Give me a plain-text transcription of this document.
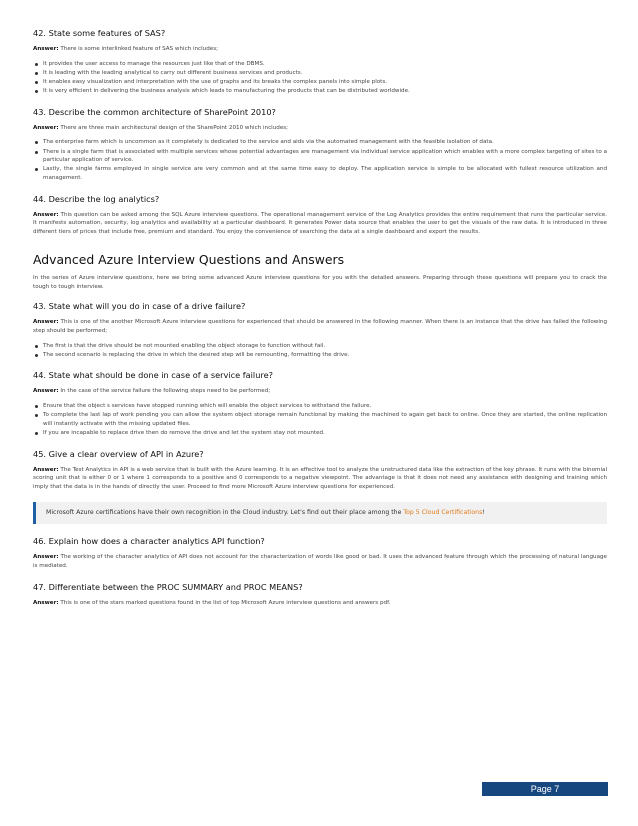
42. State some features of SAS?
Answer: There is some interlinked feature of SAS which includes;
It provides the user access to manage the resources just like that of the DBMS.
It is leading with the leading analytical to carry out different business services and products.
It enables easy visualization and interpretation with the use of graphs and its breaks the complex panels into simple plots.
It is very efficient in delivering the business analysis which leads to manufacturing the products that can be distributed worldwide.
43. Describe the common architecture of SharePoint 2010?
Answer: There are three main architectural design of the SharePoint 2010 which includes;
The enterprise farm which is uncommon as it completely is dedicated to the service and aids via the automated management with the feasible isolation of data.
There is a single farm that is associated with multiple services whose potential advantages are management via individual service application which enables with a more complex targeting of sites to a particular application of service.
Lastly, the single farms employed in single service are very common and at the same time easy to deploy. The application service is simple to be allocated with fullest resource utilization and management.
44. Describe the log analytics?
Answer: This question can be asked among the SQL Azure interview questions. The operational management service of the Log Analytics provides the entire requirement that runs the particular service. It manifests automation, security, log analytics and availability at a particular dashboard. It generates Power data source that enables the user to get the visuals of the raw data. It is introduced in three different tiers of prices that include free, premium and standard. You enjoy the convenience of searching the data at a single dashboard and export the results.
Advanced Azure Interview Questions and Answers
In the series of Azure interview questions, here we bring some advanced Azure interview questions for you with the detailed answers. Preparing through these questions will prepare you to crack the tough to tough interview.
43. State what will you do in case of a drive failure?
Answer: This is one of the another Microsoft Azure interview questions for experienced that should be answered in the following manner. When there is an instance that the drive has failed the following step should be performed;
The first is that the drive should be not mounted enabling the object storage to function without fail.
The second scenario is replacing the drive in which the desired step will be remounting, formatting the drive.
44. State what should be done in case of a service failure?
Answer: In the case of the service failure the following steps need to be performed;
Ensure that the object s services have stopped running which will enable the object services to withstand the failure.
To complete the last lap of work pending you can allow the system object storage remain functional by making the machined to again get back to online. Once they are started, the online replication will instantly activate with the missing updated files.
If you are incapable to replace drive then do remove the drive and let the system stay not mounted.
45. Give a clear overview of API in Azure?
Answer: The Test Analytics in API is a web service that is built with the Azure learning. It is an effective tool to analyze the unstructured data like the extraction of the key phrase. It runs with the binomial scoring unit that is either 0 or 1 where 1 corresponds to a positive and 0 corresponds to a negative viewpoint. The advantage is that it does not need any assistance with designing and training which imply that the data is in the hands of directly the user. Proceed to find more Microsoft Azure interview questions for experienced.
Microsoft Azure certifications have their own recognition in the Cloud industry. Let's find out their place among the Top 5 Cloud Certifications!
46. Explain how does a character analytics API function?
Answer: The working of the character analytics of API does not account for the characterization of words like good or bad. It uses the advanced feature through which the processing of natural language is mediated.
47. Differentiate between the PROC SUMMARY and PROC MEANS?
Answer: This is one of the stars marked questions found in the list of top Microsoft Azure interview questions and answers pdf.
Page 7
